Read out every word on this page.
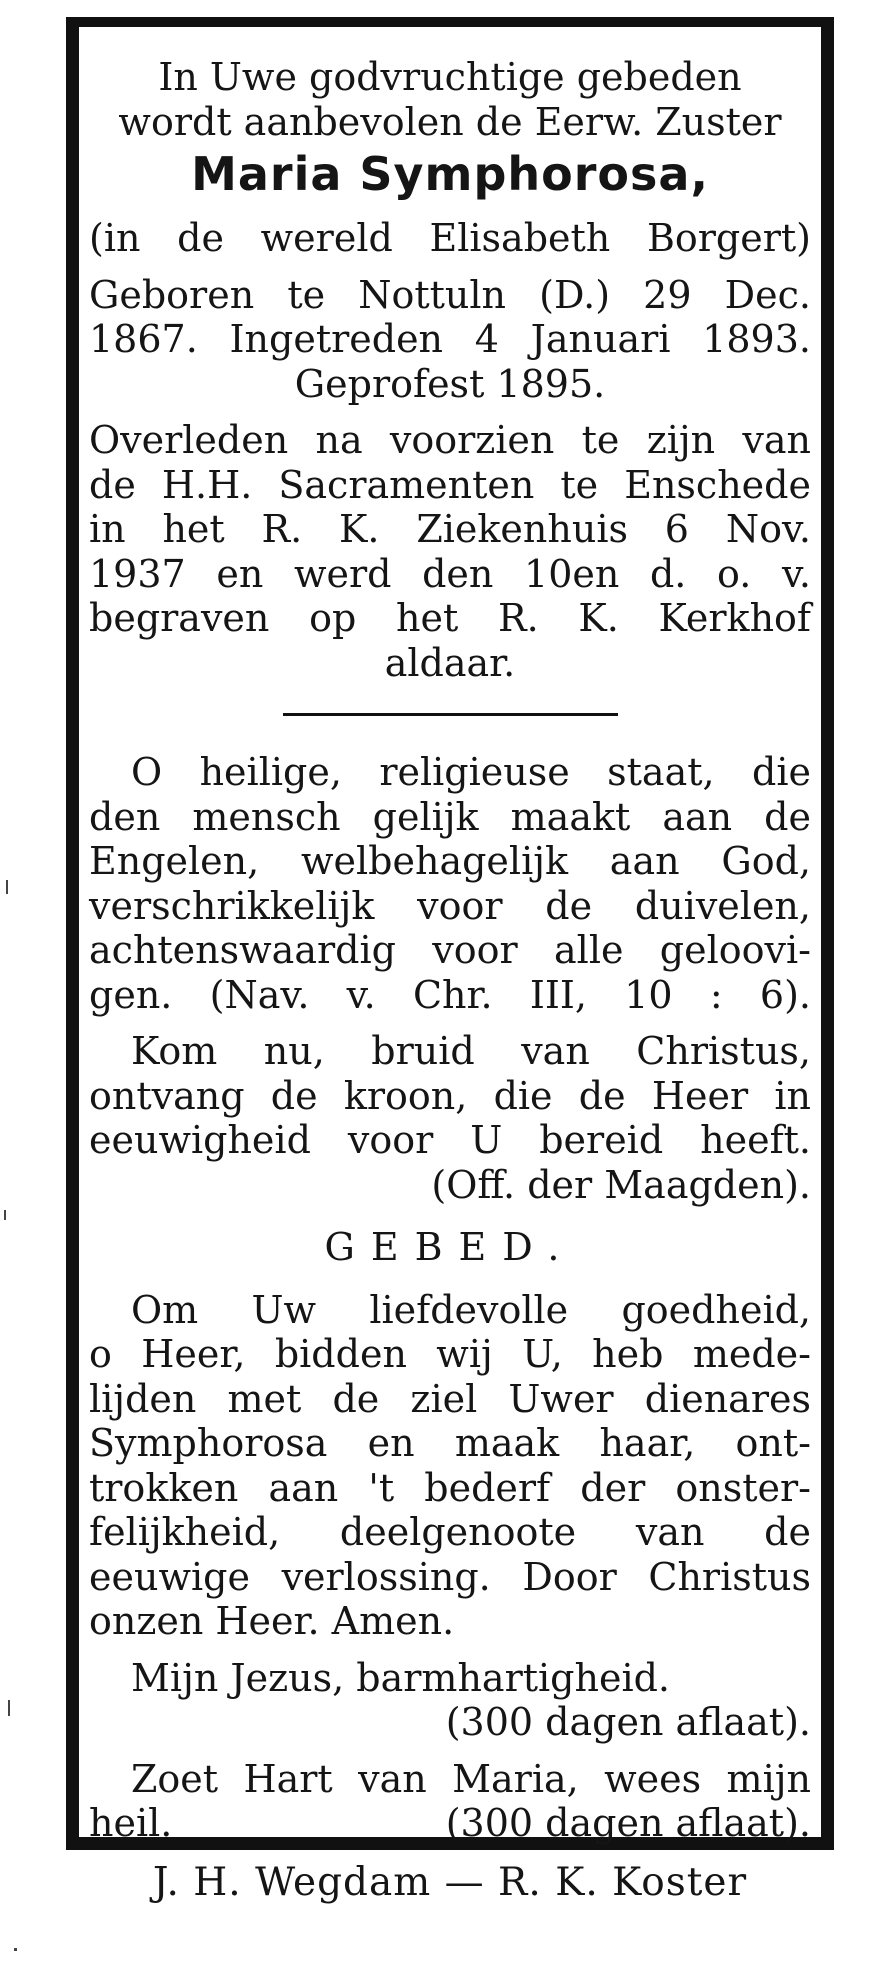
In Uwe godvruchtige gebeden
wordt aanbevolen de Eerw. Zuster
Maria Symphorosa,
(in de wereld Elisabeth Borgert)
Geboren te Nottuln (D.) 29 Dec.
1867. Ingetreden 4 Januari 1893.
Geprofest 1895.
Overleden na voorzien te zijn van
de H.H. Sacramenten te Enschede
in het R. K. Ziekenhuis 6 Nov.
1937 en werd den 10en d. o. v.
begraven op het R. K. Kerkhof
aldaar.
O heilige, religieuse staat, die
den mensch gelijk maakt aan de
Engelen, welbehagelijk aan God,
verschrikkelijk voor de duivelen,
achtenswaardig voor alle geloovi-
gen. (Nav. v. Chr. III, 10 : 6).
Kom nu, bruid van Christus,
ontvang de kroon, die de Heer in
eeuwigheid voor U bereid heeft.
(Off. der Maagden).
GEBED.
Om Uw liefdevolle goedheid,
o Heer, bidden wij U, heb mede-
lijden met de ziel Uwer dienares
Symphorosa en maak haar, ont-
trokken aan 't bederf der onster-
felijkheid, deelgenoote van de
eeuwige verlossing. Door Christus
onzen Heer. Amen.
Mijn Jezus, barmhartigheid.
(300 dagen aflaat).
Zoet Hart van Maria, wees mijn
heil.	(300 dagen aflaat).
J. H. Wegdam — R. K. Koster
